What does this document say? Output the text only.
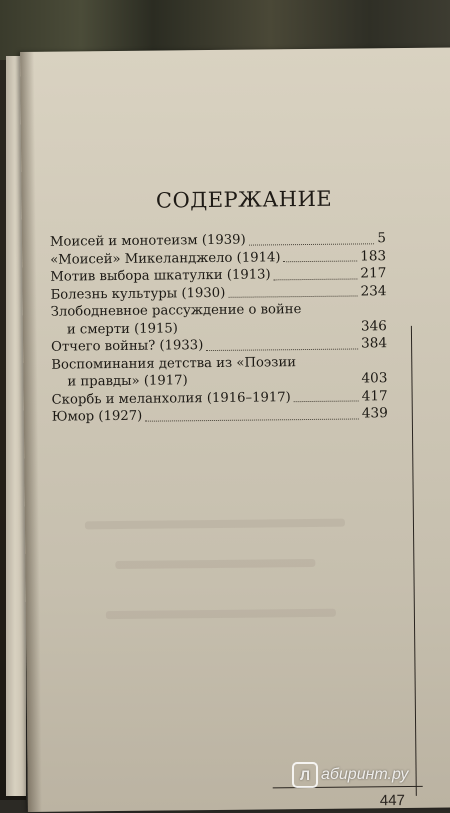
СОДЕРЖАНИЕ
Моисей и монотеизм (1939)	5
«Моисей» Микеланджело (1914)	183
Мотив выбора шкатулки (1913)	217
Болезнь культуры (1930)	234
Злободневное рассуждение о войне
и смерти (1915)	346
Отчего войны? (1933)	384
Воспоминания детства из «Поэзии
и правды» (1917)	403
Скорбь и меланхолия (1916–1917)	417
Юмор (1927)	439
447
Л абиринт.ру
